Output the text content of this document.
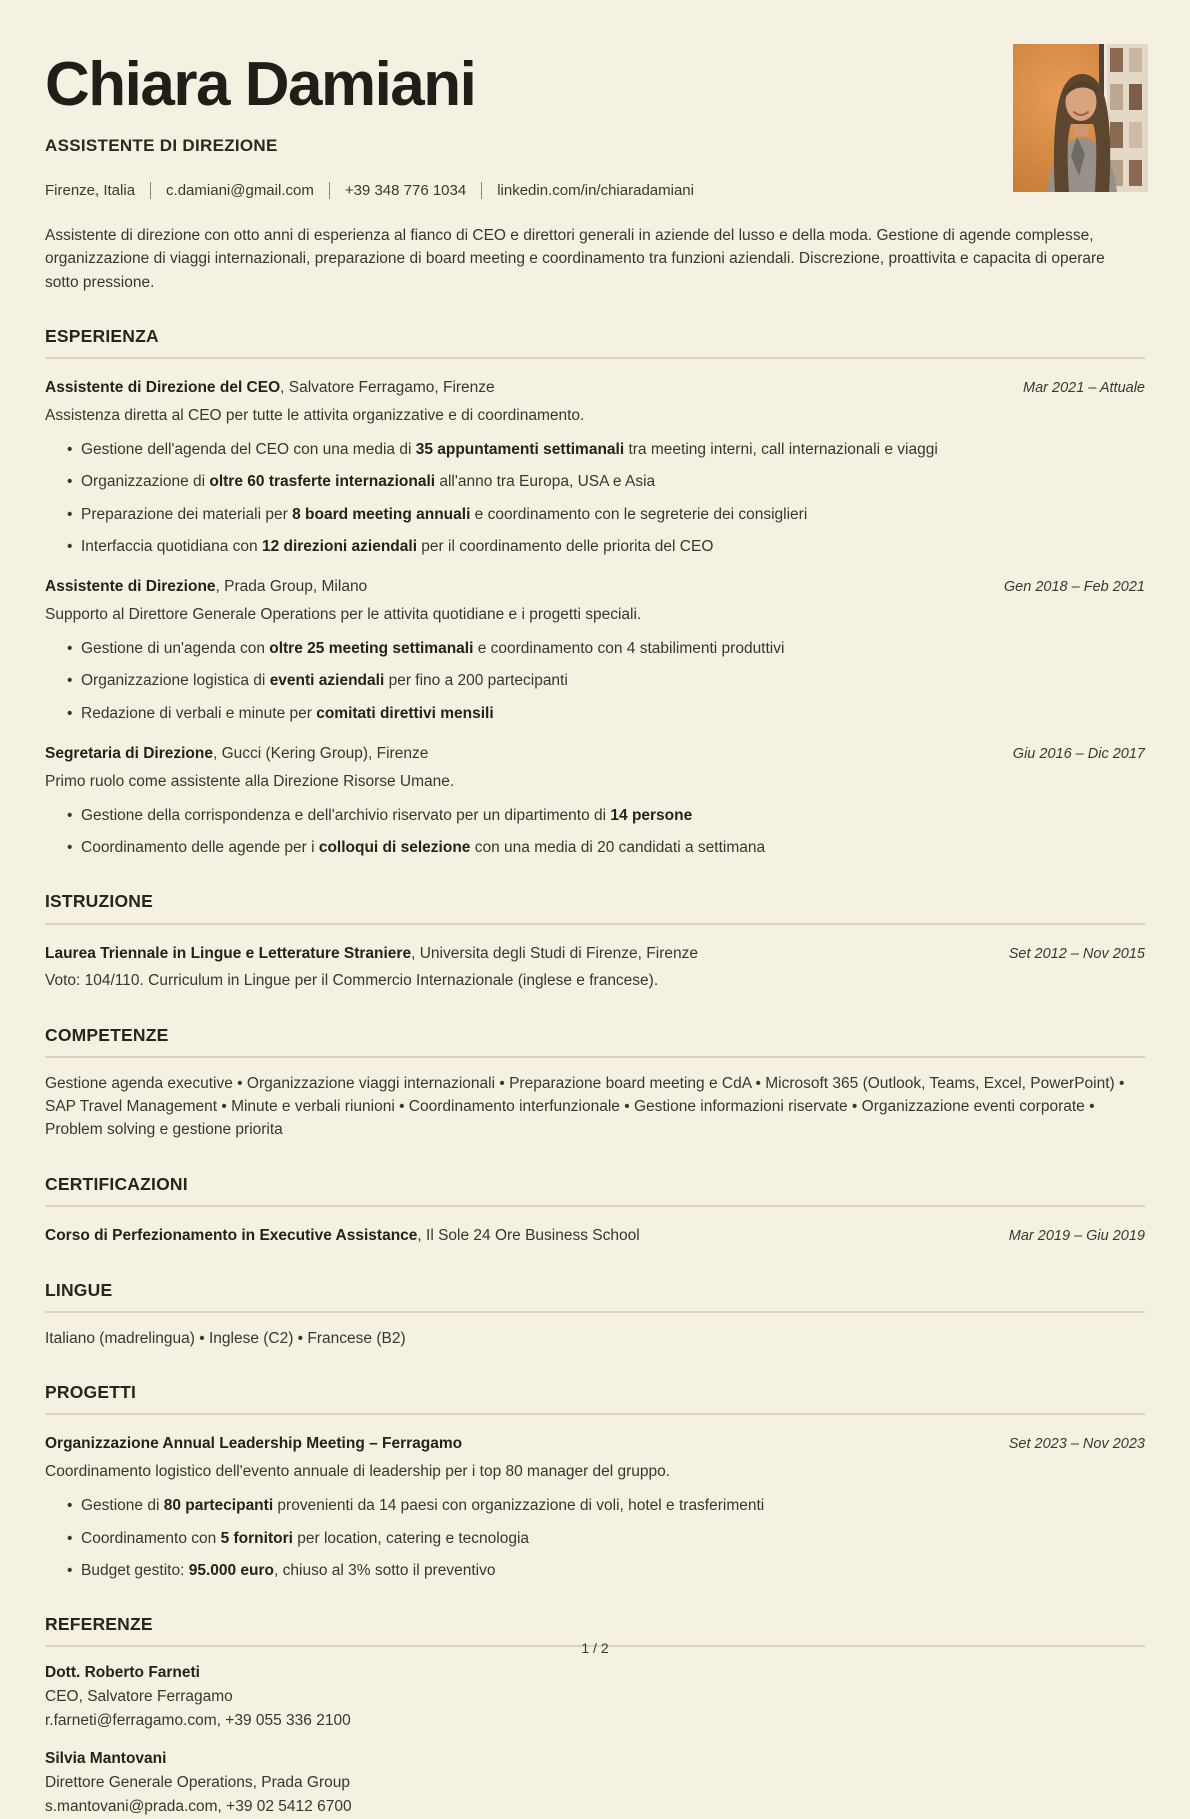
Chiara Damiani
ASSISTENTE DI DIREZIONE
Firenze, Italia c.damiani@gmail.com +39 348 776 1034 linkedin.com/in/chiaradamiani

Assistente di direzione con otto anni di esperienza al fianco di CEO e direttori generali in aziende del lusso e della moda. Gestione di agende complesse, organizzazione di viaggi internazionali, preparazione di board meeting e coordinamento tra funzioni aziendali. Discrezione, proattivita e capacita di operare sotto pressione.

ESPERIENZA
Assistente di Direzione del CEO, Salvatore Ferragamo, Firenze	Mar 2021 – Attuale
Assistenza diretta al CEO per tutte le attivita organizzative e di coordinamento.
• Gestione dell'agenda del CEO con una media di 35 appuntamenti settimanali tra meeting interni, call internazionali e viaggi
• Organizzazione di oltre 60 trasferte internazionali all'anno tra Europa, USA e Asia
• Preparazione dei materiali per 8 board meeting annuali e coordinamento con le segreterie dei consiglieri
• Interfaccia quotidiana con 12 direzioni aziendali per il coordinamento delle priorita del CEO
Assistente di Direzione, Prada Group, Milano	Gen 2018 – Feb 2021
Supporto al Direttore Generale Operations per le attivita quotidiane e i progetti speciali.
• Gestione di un'agenda con oltre 25 meeting settimanali e coordinamento con 4 stabilimenti produttivi
• Organizzazione logistica di eventi aziendali per fino a 200 partecipanti
• Redazione di verbali e minute per comitati direttivi mensili
Segretaria di Direzione, Gucci (Kering Group), Firenze	Giu 2016 – Dic 2017
Primo ruolo come assistente alla Direzione Risorse Umane.
• Gestione della corrispondenza e dell'archivio riservato per un dipartimento di 14 persone
• Coordinamento delle agende per i colloqui di selezione con una media di 20 candidati a settimana
ISTRUZIONE
Laurea Triennale in Lingue e Letterature Straniere, Universita degli Studi di Firenze, Firenze	Set 2012 – Nov 2015
Voto: 104/110. Curriculum in Lingue per il Commercio Internazionale (inglese e francese).
COMPETENZE
Gestione agenda executive • Organizzazione viaggi internazionali • Preparazione board meeting e CdA • Microsoft 365 (Outlook, Teams, Excel, PowerPoint) • SAP Travel Management • Minute e verbali riunioni • Coordinamento interfunzionale • Gestione informazioni riservate • Organizzazione eventi corporate • Problem solving e gestione priorita
CERTIFICAZIONI
Corso di Perfezionamento in Executive Assistance, Il Sole 24 Ore Business School	Mar 2019 – Giu 2019
LINGUE
Italiano (madrelingua) • Inglese (C2) • Francese (B2)
PROGETTI
Organizzazione Annual Leadership Meeting – Ferragamo	Set 2023 – Nov 2023
Coordinamento logistico dell'evento annuale di leadership per i top 80 manager del gruppo.
• Gestione di 80 partecipanti provenienti da 14 paesi con organizzazione di voli, hotel e trasferimenti
• Coordinamento con 5 fornitori per location, catering e tecnologia
• Budget gestito: 95.000 euro, chiuso al 3% sotto il preventivo
REFERENZE
Dott. Roberto Farneti
CEO, Salvatore Ferragamo
r.farneti@ferragamo.com, +39 055 336 2100
Silvia Mantovani
Direttore Generale Operations, Prada Group
s.mantovani@prada.com, +39 02 5412 6700
1 / 2
